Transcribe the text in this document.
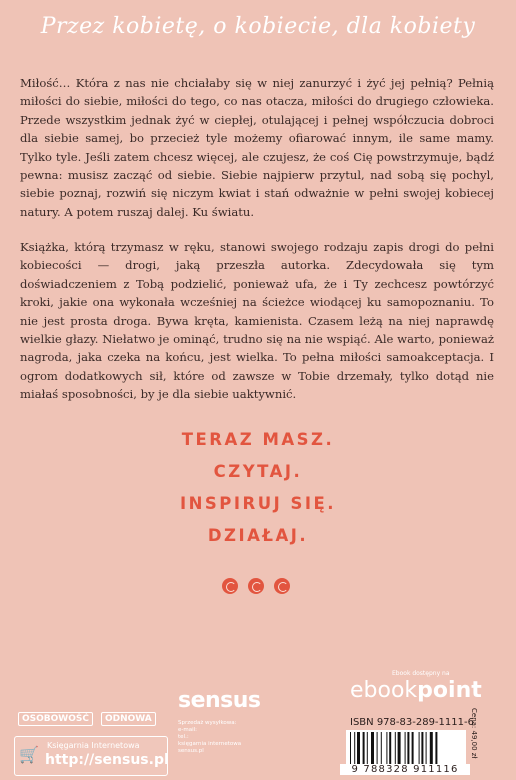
Przez kobietę, o kobiecie, dla kobiety

Miłość… Która z nas nie chciałaby się w niej zanurzyć i żyć jej pełnią? Pełnią miłości do siebie, miłości do tego, co nas otacza, miłości do drugiego człowieka. Przede wszystkim jednak żyć w ciepłej, otulającej i pełnej współczucia dobroci dla siebie samej, bo przecież tyle możemy ofiarować innym, ile same mamy. Tylko tyle. Jeśli zatem chcesz więcej, ale czujesz, że coś Cię powstrzymuje, bądź pewna: musisz zacząć od siebie. Siebie najpierw przytul, nad sobą się pochyl, siebie poznaj, rozwiń się niczym kwiat i stań odważnie w pełni swojej kobiecej natury. A potem ruszaj dalej. Ku światu.

Książka, którą trzymasz w ręku, stanowi swojego rodzaju zapis drogi do pełni kobiecości — drogi, jaką przeszła autorka. Zdecydowała się tym doświadczeniem z Tobą podzielić, ponieważ ufa, że i Ty zechcesz powtórzyć kroki, jakie ona wykonała wcześniej na ścieżce wiodącej ku samopoznaniu. To nie jest prosta droga. Bywa kręta, kamienista. Czasem leżą na niej naprawdę wielkie głazy. Niełatwo je ominąć, trudno się na nie wspiąć. Ale warto, ponieważ nagroda, jaka czeka na końcu, jest wielka. To pełna miłości samoakceptacja. I ogrom dodatkowych sił, które od zawsze w Tobie drzemały, tylko dotąd nie miałaś sposobności, by je dla siebie uaktywnić.

TERAZ MASZ.

CZYTAJ.

INSPIRUJ SIĘ.

DZIAŁAJ.

OSOBOWOŚĆ	ODNOWA
🛒 Księgarnia Internetowa
http://sensus.pl
sensus
Sprzedaż wysyłkowa:
e-mail:
tel.:
księgarnia internetowa
sensus.pl
Ebook dostępny na
ebookpoint
ISBN 978-83-289-1111-6
9 788328 911116
Cena: 49,00 zł
